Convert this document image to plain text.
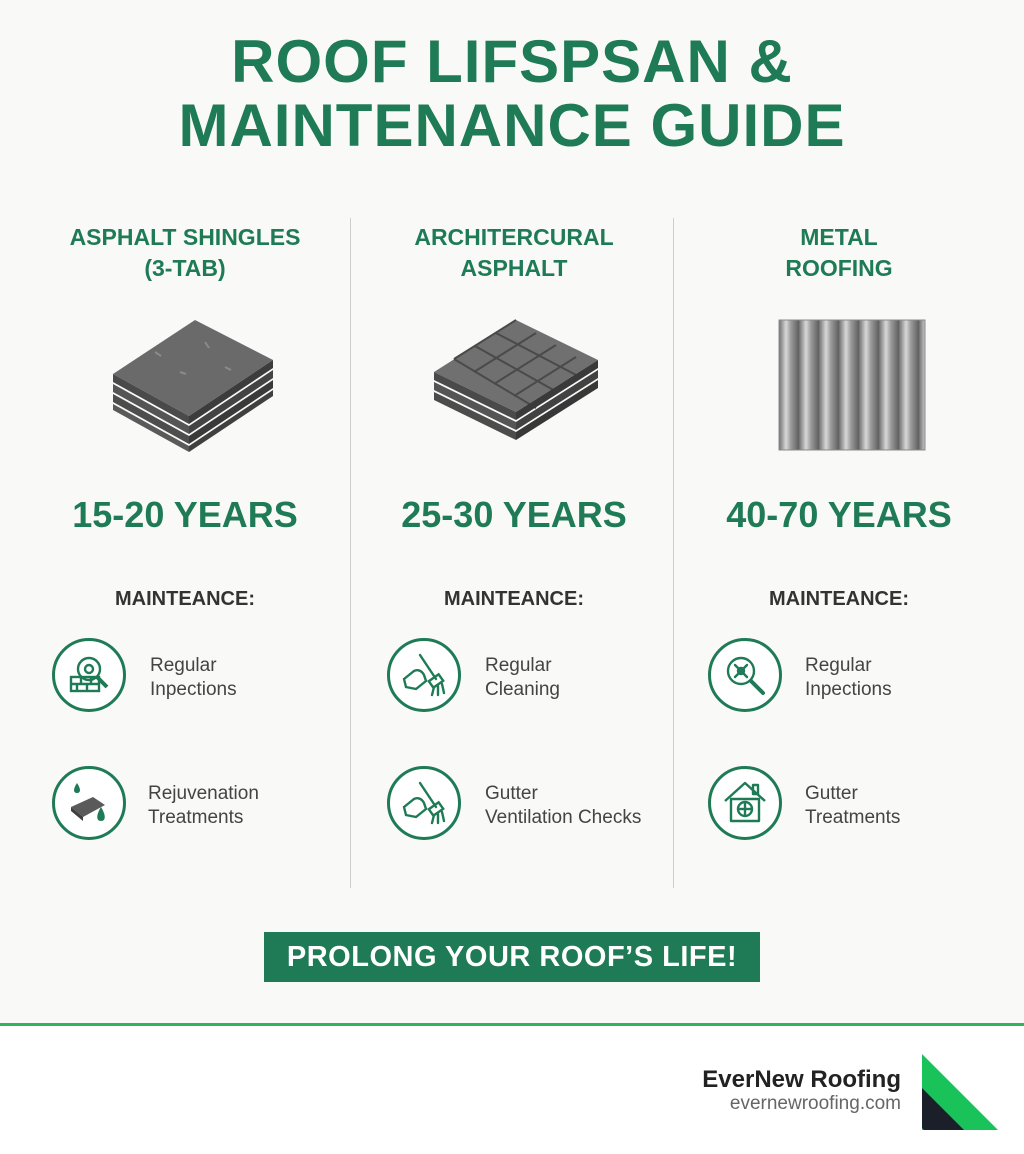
ROOF LIFSPSAN &
MAINTENANCE GUIDE
ASPHALT SHINGLES
(3-TAB)
15-20 YEARS
MAINTEANCE:
Regular
Inpections
Rejuvenation
Treatments
ARCHITERCURAL
ASPHALT
25-30 YEARS
MAINTEANCE:
Regular
Cleaning
Gutter
Ventilation Checks
METAL
ROOFING
40-70 YEARS
MAINTEANCE:
Regular
Inpections
Gutter
Treatments
PROLONG YOUR ROOF’S LIFE!
EverNew Roofing
evernewroofing.com
